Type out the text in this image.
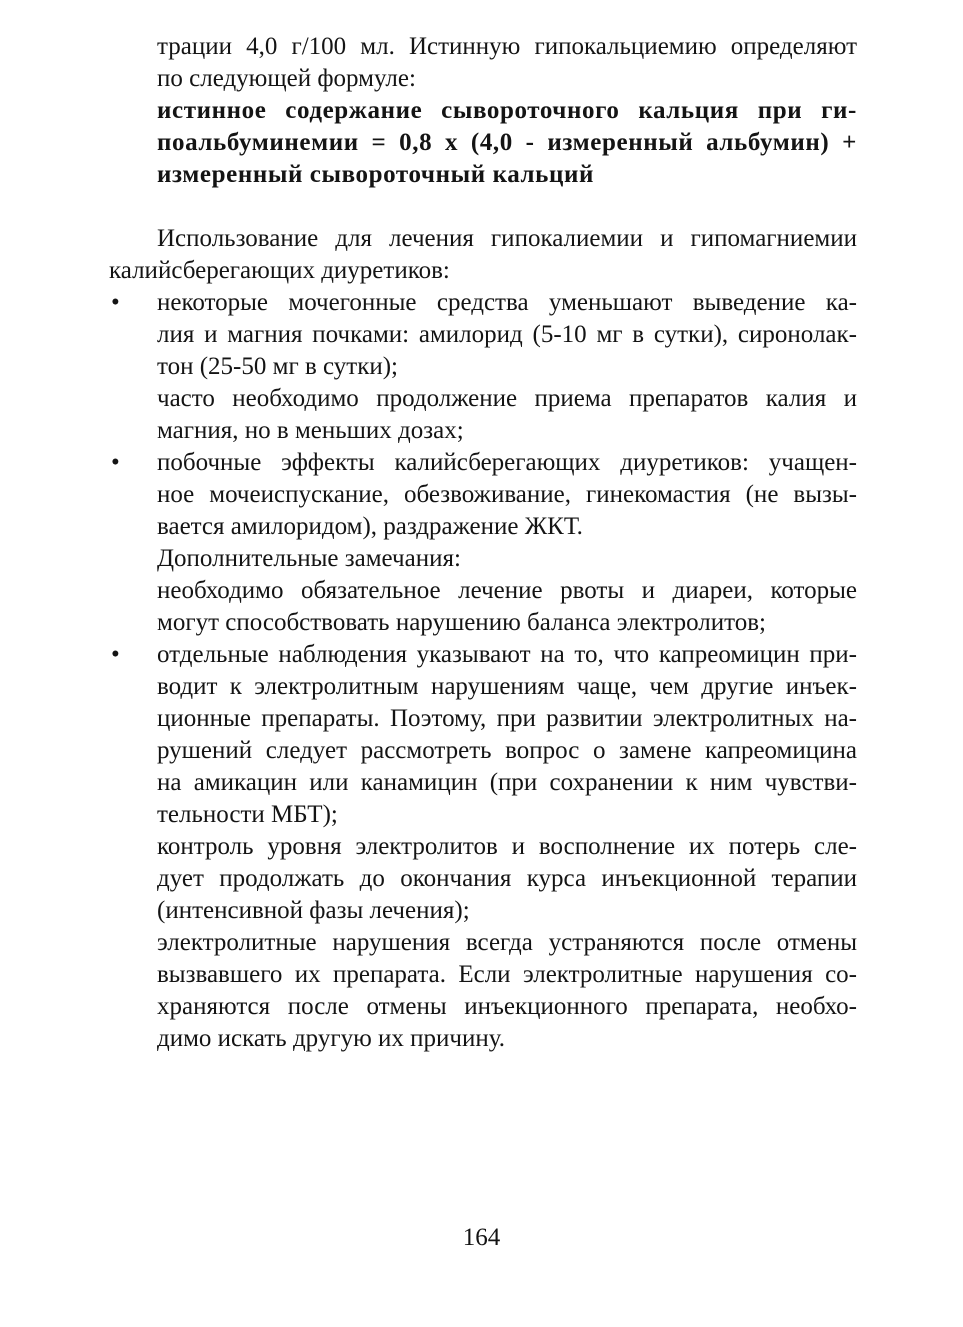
трации 4,0 г/100 мл. Истинную гипокальциемию определяют
по следующей формуле:
истинное содержание сывороточного кальция при ги-
поальбуминемии = 0,8 х (4,0 - измеренный альбумин) +
измеренный сывороточный кальций
Использование для лечения гипокалиемии и гипомагниемии
калийсберегающих диуретиков:
• некоторые мочегонные средства уменьшают выведение ка-
лия и магния почками: амилорид (5-10 мг в сутки), сиронолак-
тон (25-50 мг в сутки);
часто необходимо продолжение приема препаратов калия и
магния, но в меньших дозах;
• побочные эффекты калийсберегающих диуретиков: учащен-
ное мочеиспускание, обезвоживание, гинекомастия (не вызы-
вается амилоридом), раздражение ЖКТ.
Дополнительные замечания:
необходимо обязательное лечение рвоты и диареи, которые
могут способствовать нарушению баланса электролитов;
• отдельные наблюдения указывают на то, что капреомицин при-
водит к электролитным нарушениям чаще, чем другие инъек-
ционные препараты. Поэтому, при развитии электролитных на-
рушений следует рассмотреть вопрос о замене капреомицина
на амикацин или канамицин (при сохранении к ним чувстви-
тельности МБТ);
контроль уровня электролитов и восполнение их потерь сле-
дует продолжать до окончания курса инъекционной терапии
(интенсивной фазы лечения);
электролитные нарушения всегда устраняются после отмены
вызвавшего их препарата. Если электролитные нарушения со-
храняются после отмены инъекционного препарата, необхо-
димо искать другую их причину.
164
